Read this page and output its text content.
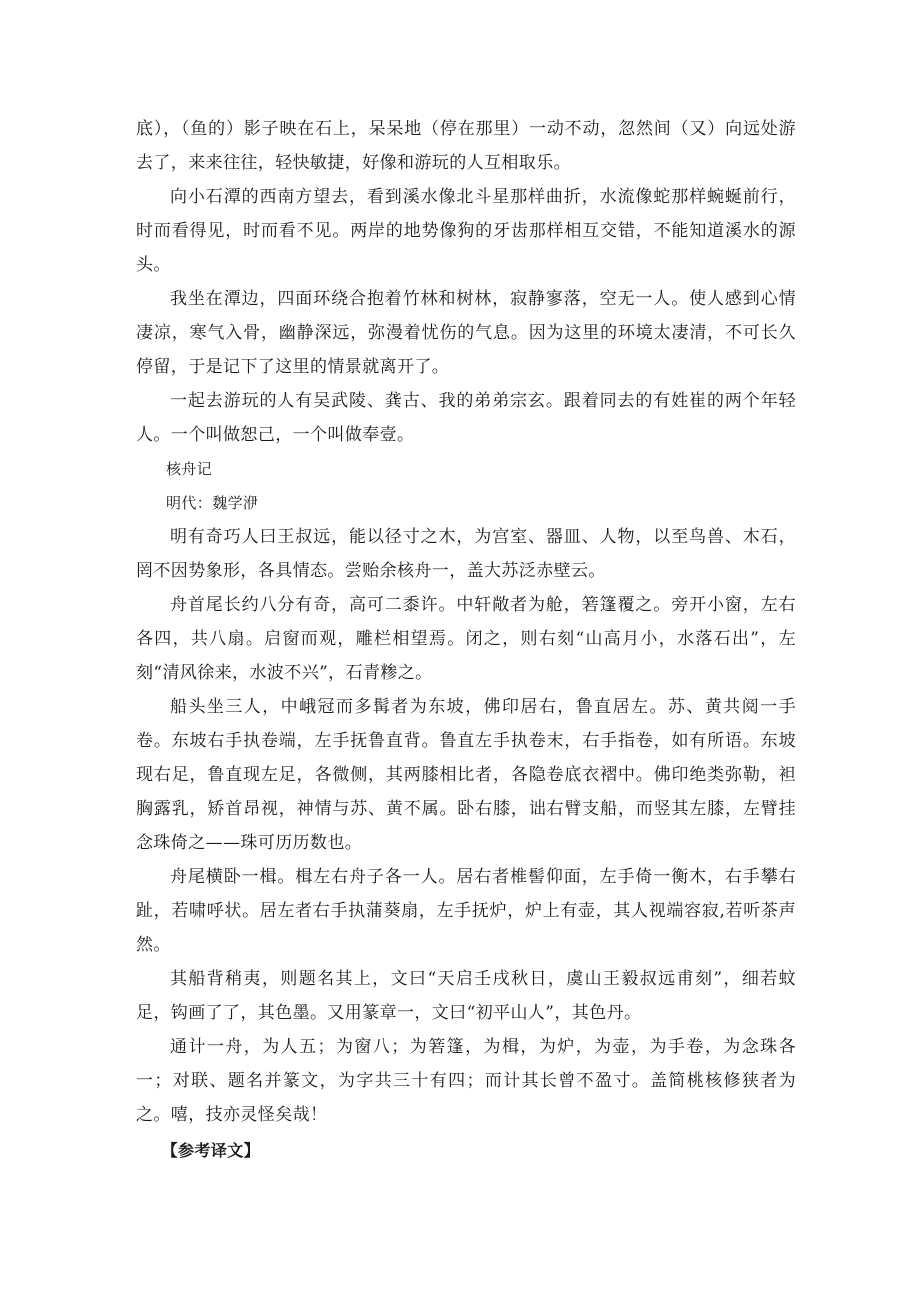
底），（鱼的）影子映在石上，呆呆地（停在那里）一动不动，忽然间（又）向远处游去了，来来往往，轻快敏捷，好像和游玩的人互相取乐。

向小石潭的西南方望去，看到溪水像北斗星那样曲折，水流像蛇那样蜿蜒前行，时而看得见，时而看不见。两岸的地势像狗的牙齿那样相互交错，不能知道溪水的源头。

我坐在潭边，四面环绕合抱着竹林和树林，寂静寥落，空无一人。使人感到心情凄凉，寒气入骨，幽静深远，弥漫着忧伤的气息。因为这里的环境太凄清，不可长久停留，于是记下了这里的情景就离开了。

一起去游玩的人有吴武陵、龚古、我的弟弟宗玄。跟着同去的有姓崔的两个年轻人。一个叫做恕己，一个叫做奉壹。

核舟记

明代：魏学洢

明有奇巧人曰王叔远，能以径寸之木，为宫室、器皿、人物，以至鸟兽、木石，罔不因势象形，各具情态。尝贻余核舟一，盖大苏泛赤壁云。

舟首尾长约八分有奇，高可二黍许。中轩敞者为舱，箬篷覆之。旁开小窗，左右各四，共八扇。启窗而观，雕栏相望焉。闭之，则右刻“山高月小，水落石出”，左刻“清风徐来，水波不兴”，石青糁之。

船头坐三人，中峨冠而多髯者为东坡，佛印居右，鲁直居左。苏、黄共阅一手卷。东坡右手执卷端，左手抚鲁直背。鲁直左手执卷末，右手指卷，如有所语。东坡现右足，鲁直现左足，各微侧，其两膝相比者，各隐卷底衣褶中。佛印绝类弥勒，袒胸露乳，矫首昂视，神情与苏、黄不属。卧右膝，诎右臂支船，而竖其左膝，左臂挂念珠倚之——珠可历历数也。

舟尾横卧一楫。楫左右舟子各一人。居右者椎髻仰面，左手倚一衡木，右手攀右趾，若啸呼状。居左者右手执蒲葵扇，左手抚炉，炉上有壶，其人视端容寂,若听茶声然。

其船背稍夷，则题名其上，文曰“天启壬戌秋日，虞山王毅叔远甫刻”，细若蚊足，钩画了了，其色墨。又用篆章一，文曰“初平山人”，其色丹。

通计一舟，为人五；为窗八；为箬篷，为楫，为炉，为壶，为手卷，为念珠各一；对联、题名并篆文，为字共三十有四；而计其长曾不盈寸。盖简桃核修狭者为之。嘻，技亦灵怪矣哉！

【参考译文】
